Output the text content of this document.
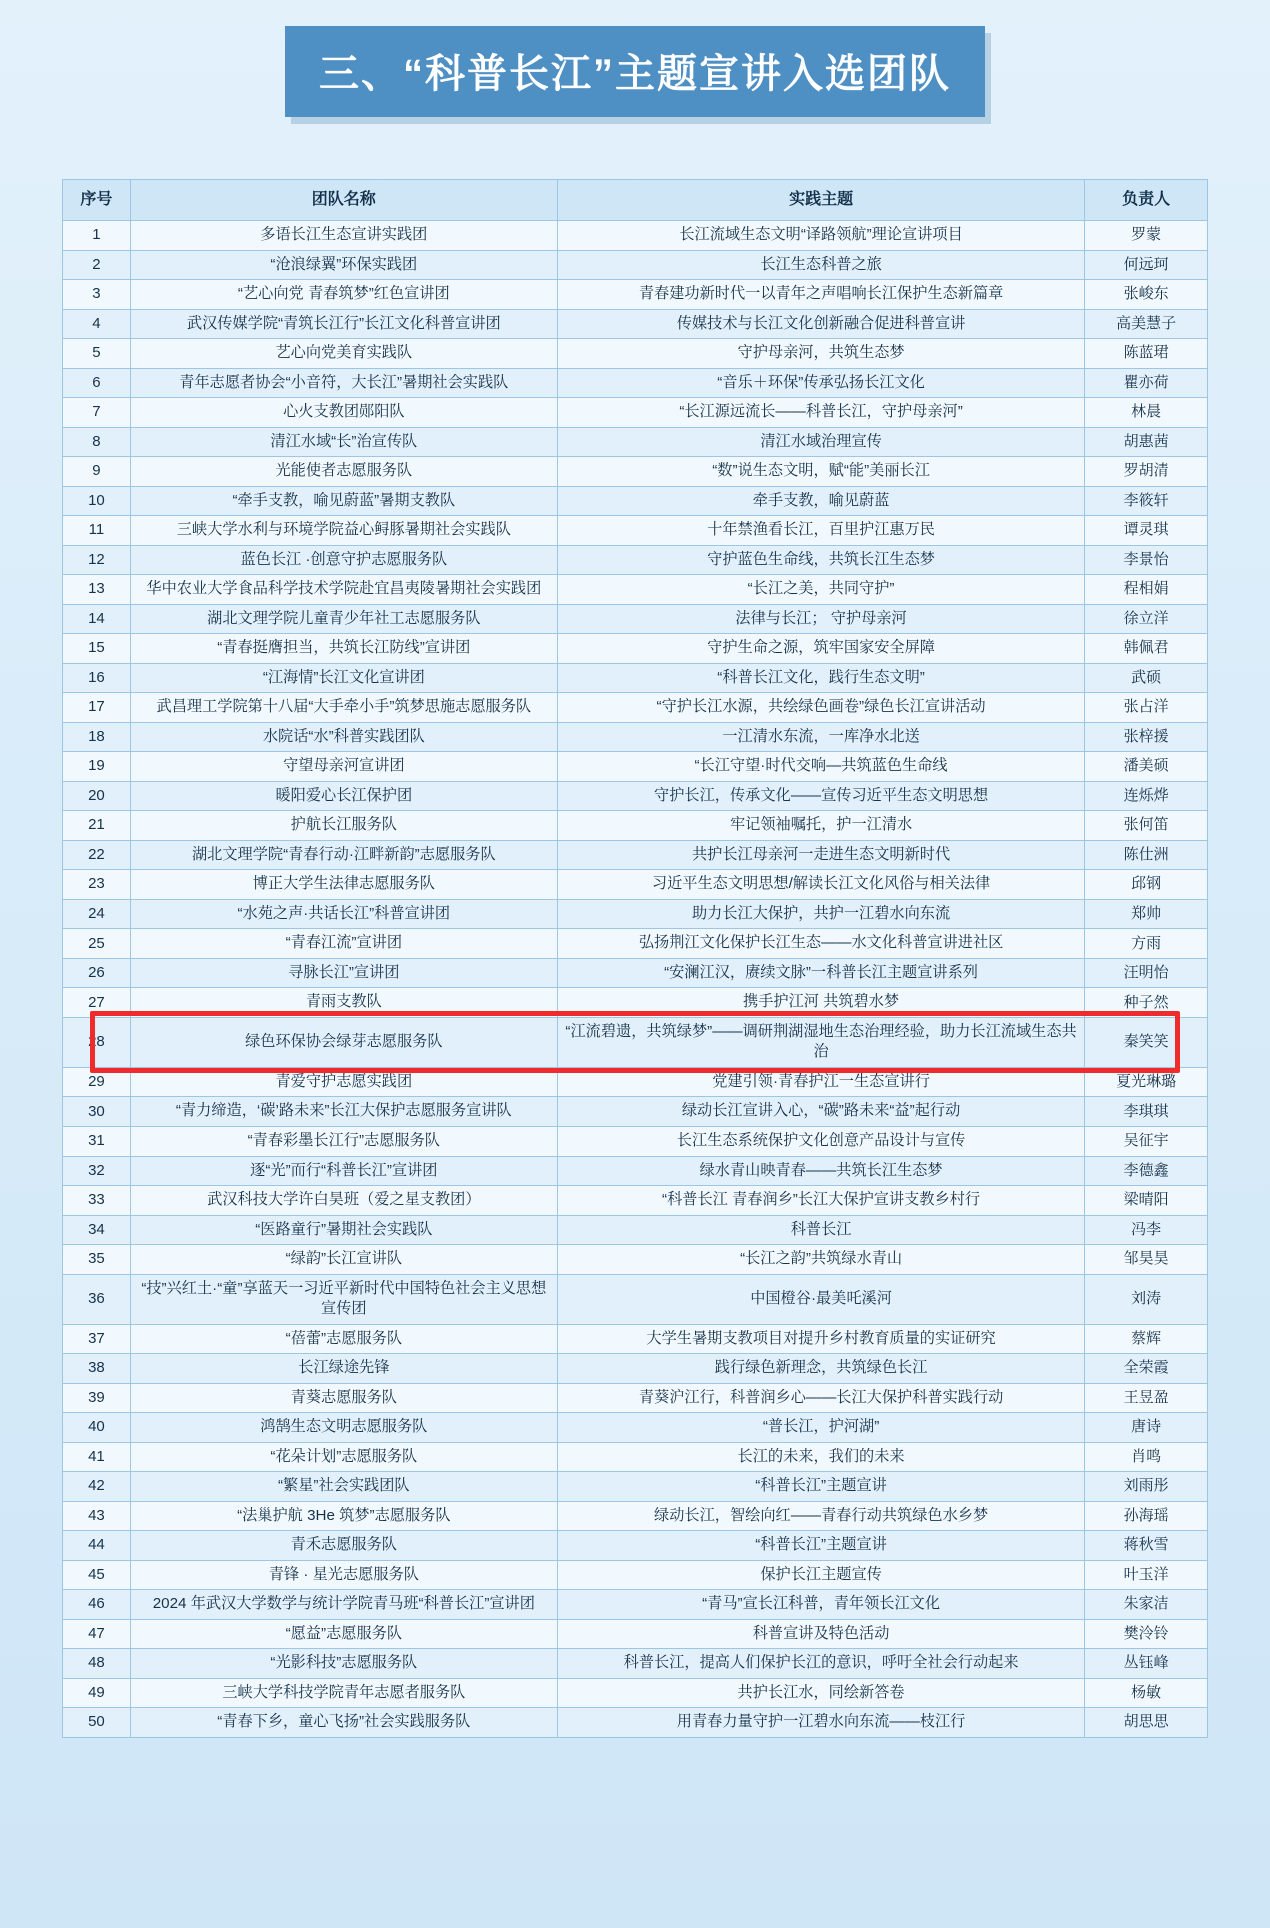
三、“科普长江”主题宣讲入选团队
序号	团队名称	实践主题	负责人
1	多语长江生态宣讲实践团	长江流域生态文明“译路领航”理论宣讲项目	罗蒙
2	“沧浪绿翼”环保实践团	长江生态科普之旅	何远珂
3	“艺心向党 青春筑梦”红色宣讲团	青春建功新时代一以青年之声唱响长江保护生态新篇章	张峻东
4	武汉传媒学院“青筑长江行”长江文化科普宣讲团	传媒技术与长江文化创新融合促进科普宣讲	高美慧子
5	艺心向党美育实践队	守护母亲河，共筑生态梦	陈蓝珺
6	青年志愿者协会“小音符，大长江”暑期社会实践队	“音乐＋环保”传承弘扬长江文化	瞿亦荷
7	心火支教团郧阳队	“长江源远流长——科普长江，守护母亲河”	林晨
8	清江水域“长”治宣传队	清江水域治理宣传	胡惠茜
9	光能使者志愿服务队	“数”说生态文明，赋“能”美丽长江	罗胡清
10	“牵手支教，喻见蔚蓝”暑期支教队	牵手支教，喻见蔚蓝	李筱轩
11	三峡大学水利与环境学院益心鲟豚暑期社会实践队	十年禁渔看长江，百里护江惠万民	谭灵琪
12	蓝色长江 ·创意守护志愿服务队	守护蓝色生命线，共筑长江生态梦	李景怡
13	华中农业大学食品科学技术学院赴宜昌夷陵暑期社会实践团	“长江之美，共同守护”	程相娟
14	湖北文理学院儿童青少年社工志愿服务队	法律与长江； 守护母亲河	徐立洋
15	“青春挺膺担当，共筑长江防线”宣讲团	守护生命之源，筑牢国家安全屏障	韩佩君
16	“江海情”长江文化宣讲团	“科普长江文化，践行生态文明”	武硕
17	武昌理工学院第十八届“大手牵小手”筑梦思施志愿服务队	“守护长江水源，共绘绿色画卷”绿色长江宣讲活动	张占洋
18	水院话“水”科普实践团队	一江清水东流，一库净水北送	张梓援
19	守望母亲河宣讲团	“长江守望·时代交响—共筑蓝色生命线	潘美硕
20	暖阳爱心长江保护团	守护长江，传承文化——宣传习近平生态文明思想	连烁烨
21	护航长江服务队	牢记领袖嘱托，护一江清水	张何笛
22	湖北文理学院“青春行动·江畔新韵”志愿服务队	共护长江母亲河一走进生态文明新时代	陈仕洲
23	博正大学生法律志愿服务队	习近平生态文明思想/解读长江文化风俗与相关法律	邱钢
24	“水苑之声·共话长江”科普宣讲团	助力长江大保护，共护一江碧水向东流	郑帅
25	“青春江流”宣讲团	弘扬荆江文化保护长江生态——水文化科普宣讲进社区	方雨
26	寻脉长江”宣讲团	“安澜江汉，赓续文脉”一科普长江主题宣讲系列	汪明怡
27	青雨支教队	携手护江河 共筑碧水梦	种子然
28	绿色环保协会绿芽志愿服务队	“江流碧遗，共筑绿梦”——调研荆湖湿地生态治理经验，助力长江流域生态共治	秦笑笑
29	青爱守护志愿实践团	党建引领·青春护江一生态宣讲行	夏光琳璐
30	“青力缔造，‘碳’路未来”长江大保护志愿服务宣讲队	绿动长江宣讲入心，“碳”路未来“益”起行动	李琪琪
31	“青春彩墨长江行”志愿服务队	长江生态系统保护文化创意产品设计与宣传	吴征宇
32	逐“光”而行“科普长江”宣讲团	绿水青山映青春——共筑长江生态梦	李德鑫
33	武汉科技大学许白昊班（爱之星支教团）	“科普长江 青春润乡”长江大保护宣讲支教乡村行	梁晴阳
34	“医路童行”暑期社会实践队	科普长江	冯李
35	“绿韵”长江宣讲队	“长江之韵”共筑绿水青山	邹昊昊
36	“技”兴红土·“童”享蓝天一习近平新时代中国特色社会主义思想宣传团	中国橙谷·最美吒溪河	刘涛
37	“蓓蕾”志愿服务队	大学生暑期支教项目对提升乡村教育质量的实证研究	蔡辉
38	长江绿途先锋	践行绿色新理念，共筑绿色长江	全荣霞
39	青葵志愿服务队	青葵沪江行，科普润乡心——长江大保护科普实践行动	王昱盈
40	鸿鹄生态文明志愿服务队	“普长江，护河湖”	唐诗
41	“花朵计划”志愿服务队	长江的未来，我们的未来	肖鸣
42	“繁星”社会实践团队	“科普长江”主题宣讲	刘雨彤
43	“法巢护航 3He 筑梦”志愿服务队	绿动长江，智绘向红——青春行动共筑绿色水乡梦	孙海瑶
44	青禾志愿服务队	“科普长江”主题宣讲	蒋秋雪
45	青锋 · 星光志愿服务队	保护长江主题宣传	叶玉洋
46	2024 年武汉大学数学与统计学院青马班“科普长江”宣讲团	“青马”宣长江科普，青年领长江文化	朱家洁
47	“愿益”志愿服务队	科普宣讲及特色活动	樊泠铃
48	“光影科技”志愿服务队	科普长江，提高人们保护长江的意识，呼吁全社会行动起来	丛钰峰
49	三峡大学科技学院青年志愿者服务队	共护长江水，同绘新答卷	杨敏
50	“青春下乡，童心飞扬”社会实践服务队	用青春力量守护一江碧水向东流——枝江行	胡思思
